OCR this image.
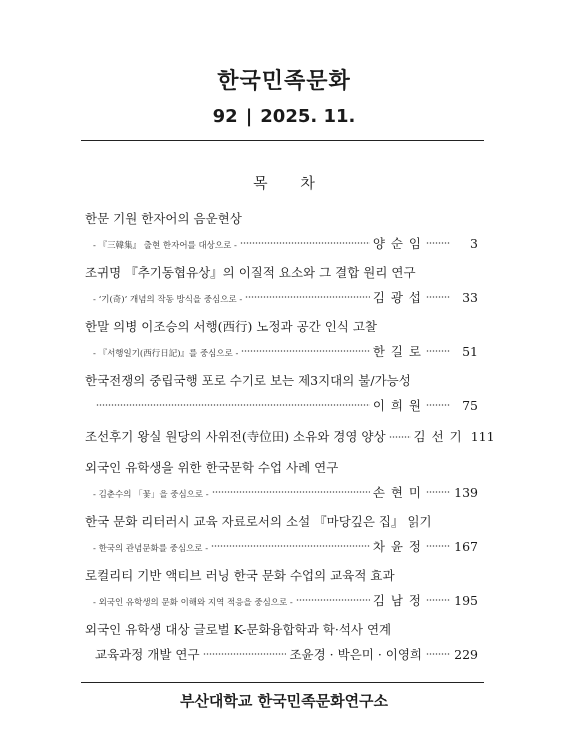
한국민족문화
92 | 2025. 11.
목 차
한문 기원 한자어의 음운현상
- 『三韓集』 출현 한자어를 대상으로 -	양 순 임	3
조귀명 『추기동협유상』의 이질적 요소와 그 결합 원리 연구
- ‘기(奇)’ 개념의 작동 방식을 중심으로 -	김 광 섭	33
한말 의병 이조승의 서행(西行) 노정과 공간 인식 고찰
- 『서행일기(西行日記)』를 중심으로 -	한 길 로	51
한국전쟁의 중립국행 포로 수기로 보는 제3지대의 불/가능성
이 희 원	75
조선후기 왕실 원당의 사위전(寺位田) 소유와 경영 양상 김 선 기 111
외국인 유학생을 위한 한국문학 수업 사례 연구
- 김춘수의 「꽃」을 중심으로 -	손 현 미	139
한국 문화 리터러시 교육 자료로서의 소설 『마당깊은 집』 읽기
- 한국의 관념문화를 중심으로 -	차 윤 정	167
로컬리티 기반 액티브 러닝 한국 문화 수업의 교육적 효과
- 외국인 유학생의 문화 이해와 지역 적응을 중심으로 -	김 남 정	195
외국인 유학생 대상 글로벌 K-문화융합학과 학·석사 연계
교육과정 개발 연구	조윤경 · 박은미 · 이영희	229
부산대학교 한국민족문화연구소
